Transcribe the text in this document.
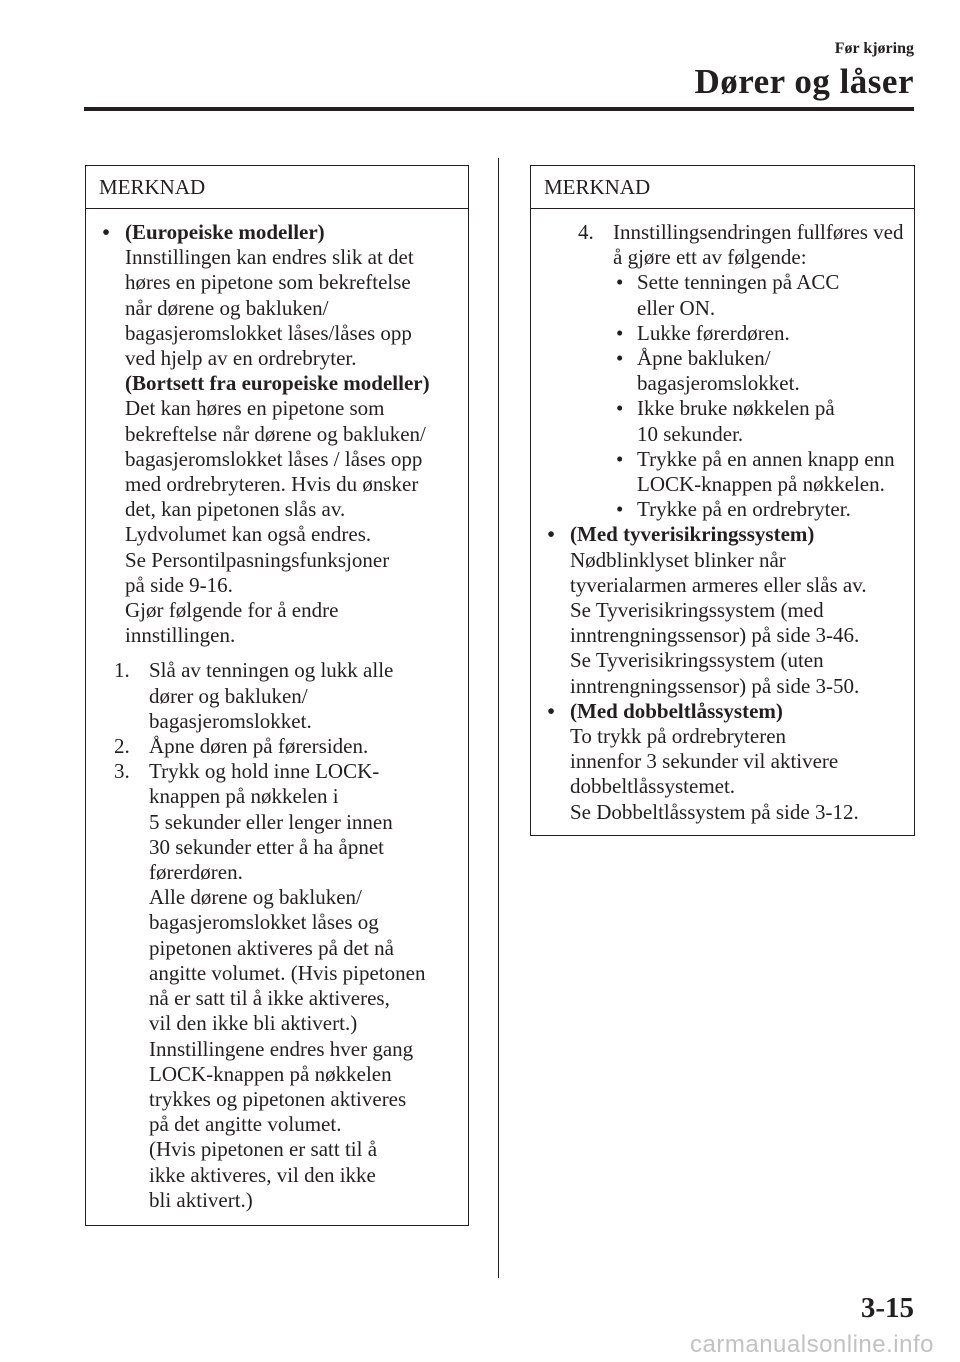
Før kjøring
Dører og låser
MERKNAD
• (Europeiske modeller)
Innstillingen kan endres slik at det
høres en pipetone som bekreftelse
når dørene og bakluken/
bagasjeromslokket låses/låses opp
ved hjelp av en ordrebryter.
(Bortsett fra europeiske modeller)
Det kan høres en pipetone som
bekreftelse når dørene og bakluken/
bagasjeromslokket låses / låses opp
med ordrebryteren. Hvis du ønsker
det, kan pipetonen slås av.
Lydvolumet kan også endres.
Se Persontilpasningsfunksjoner
på side 9-16.
Gjør følgende for å endre
innstillingen.
1. Slå av tenningen og lukk alle
dører og bakluken/
bagasjeromslokket.
2. Åpne døren på førersiden.
3. Trykk og hold inne LOCK-
knappen på nøkkelen i
5 sekunder eller lenger innen
30 sekunder etter å ha åpnet
førerdøren.
Alle dørene og bakluken/
bagasjeromslokket låses og
pipetonen aktiveres på det nå
angitte volumet. (Hvis pipetonen
nå er satt til å ikke aktiveres,
vil den ikke bli aktivert.)
Innstillingene endres hver gang
LOCK-knappen på nøkkelen
trykkes og pipetonen aktiveres
på det angitte volumet.
(Hvis pipetonen er satt til å
ikke aktiveres, vil den ikke
bli aktivert.)
MERKNAD
4. Innstillingsendringen fullføres ved
å gjøre ett av følgende:
• Sette tenningen på ACC
eller ON.
• Lukke førerdøren.
• Åpne bakluken/
bagasjeromslokket.
• Ikke bruke nøkkelen på
10 sekunder.
• Trykke på en annen knapp enn
LOCK-knappen på nøkkelen.
• Trykke på en ordrebryter.
• (Med tyverisikringssystem)
Nødblinklyset blinker når
tyverialarmen armeres eller slås av.
Se Tyverisikringssystem (med
inntrengningssensor) på side 3-46.
Se Tyverisikringssystem (uten
inntrengningssensor) på side 3-50.
• (Med dobbeltlåssystem)
To trykk på ordrebryteren
innenfor 3 sekunder vil aktivere
dobbeltlåssystemet.
Se Dobbeltlåssystem på side 3-12.
3-15
carmanualsonline.info
